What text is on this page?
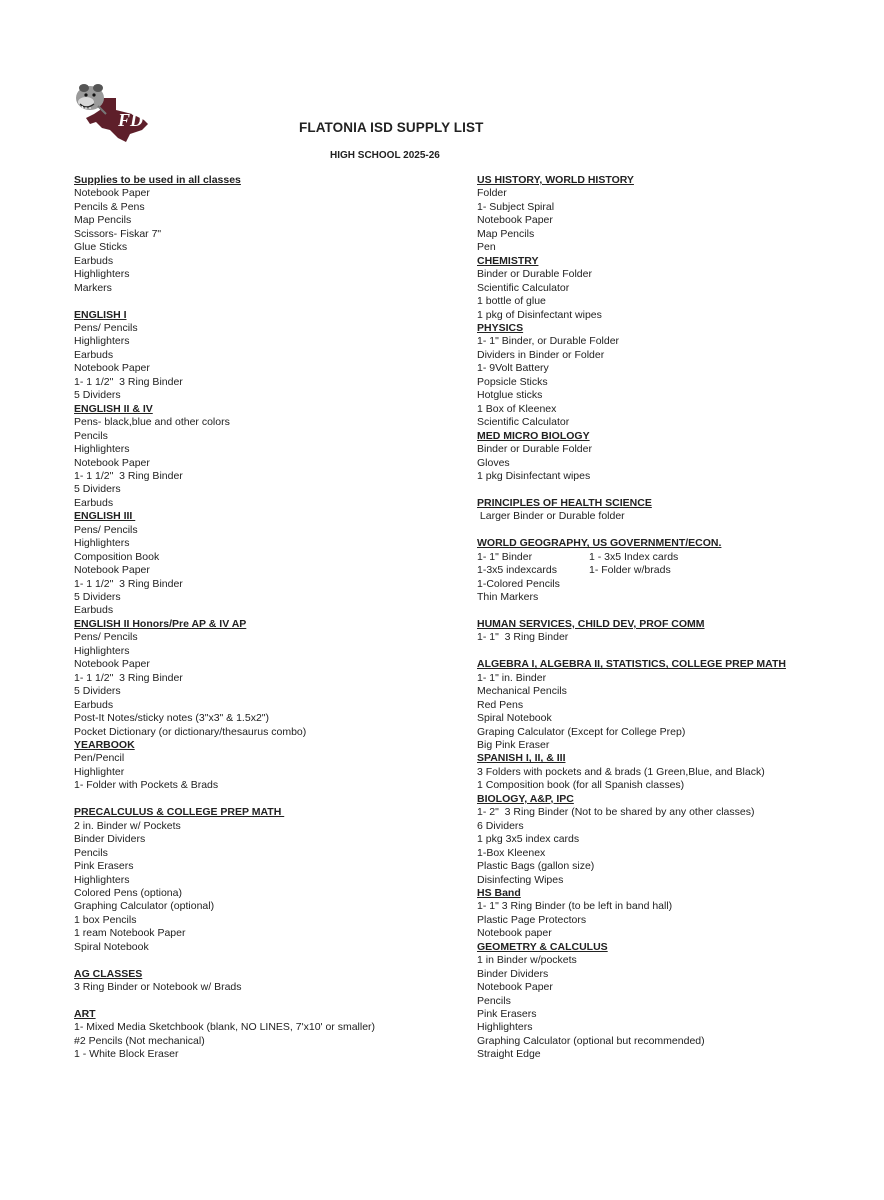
FD	FLATONIA ISD SUPPLY LIST
HIGH SCHOOL 2025-26
Supplies to be used in all classes
Notebook Paper
Pencils & Pens
Map Pencils
Scissors- Fiskar 7"
Glue Sticks
Earbuds
Highlighters
Markers
ENGLISH I
Pens/ Pencils
Highlighters
Earbuds
Notebook Paper
1- 1 1/2"  3 Ring Binder
5 Dividers
ENGLISH II & IV
Pens- black,blue and other colors
Pencils
Highlighters
Notebook Paper
1- 1 1/2"  3 Ring Binder
5 Dividers
Earbuds
ENGLISH III
Pens/ Pencils
Highlighters
Composition Book
Notebook Paper
1- 1 1/2"  3 Ring Binder
5 Dividers
Earbuds
ENGLISH II Honors/Pre AP & IV AP
Pens/ Pencils
Highlighters
Notebook Paper
1- 1 1/2"  3 Ring Binder
5 Dividers
Earbuds
Post-It Notes/sticky notes (3"x3" & 1.5x2")
Pocket Dictionary (or dictionary/thesaurus combo)
YEARBOOK
Pen/Pencil
Highlighter
1- Folder with Pockets & Brads
PRECALCULUS & COLLEGE PREP MATH
2 in. Binder w/ Pockets
Binder Dividers
Pencils
Pink Erasers
Highlighters
Colored Pens (optiona)
Graphing Calculator (optional)
1 box Pencils
1 ream Notebook Paper
Spiral Notebook
AG CLASSES
3 Ring Binder or Notebook w/ Brads
ART
1- Mixed Media Sketchbook (blank, NO LINES, 7'x10' or smaller)
#2 Pencils (Not mechanical)
1 - White Block Eraser
US HISTORY, WORLD HISTORY
Folder
1- Subject Spiral
Notebook Paper
Map Pencils
Pen
CHEMISTRY
Binder or Durable Folder
Scientific Calculator
1 bottle of glue
1 pkg of Disinfectant wipes
PHYSICS
1- 1" Binder, or Durable Folder
Dividers in Binder or Folder
1- 9Volt Battery
Popsicle Sticks
Hotglue sticks
1 Box of Kleenex
Scientific Calculator
MED MICRO BIOLOGY
Binder or Durable Folder
Gloves
1 pkg Disinfectant wipes
PRINCIPLES OF HEALTH SCIENCE
Larger Binder or Durable folder
WORLD GEOGRAPHY, US GOVERNMENT/ECON.
1- 1" Binder	1 - 3x5 Index cards
1-3x5 indexcards	1- Folder w/brads
1-Colored Pencils
Thin Markers
HUMAN SERVICES, CHILD DEV, PROF COMM
1- 1"  3 Ring Binder
ALGEBRA I, ALGEBRA II, STATISTICS, COLLEGE PREP MATH
1- 1" in. Binder
Mechanical Pencils
Red Pens
Spiral Notebook
Graping Calculator (Except for College Prep)
Big Pink Eraser
SPANISH I, II, & III
3 Folders with pockets and & brads (1 Green,Blue, and Black)
1 Composition book (for all Spanish classes)
BIOLOGY, A&P, IPC
1- 2"  3 Ring Binder (Not to be shared by any other classes)
6 Dividers
1 pkg 3x5 index cards
1-Box Kleenex
Plastic Bags (gallon size)
Disinfecting Wipes
HS Band
1- 1" 3 Ring Binder (to be left in band hall)
Plastic Page Protectors
Notebook paper
GEOMETRY & CALCULUS
1 in Binder w/pockets
Binder Dividers
Notebook Paper
Pencils
Pink Erasers
Highlighters
Graphing Calculator (optional but recommended)
Straight Edge
